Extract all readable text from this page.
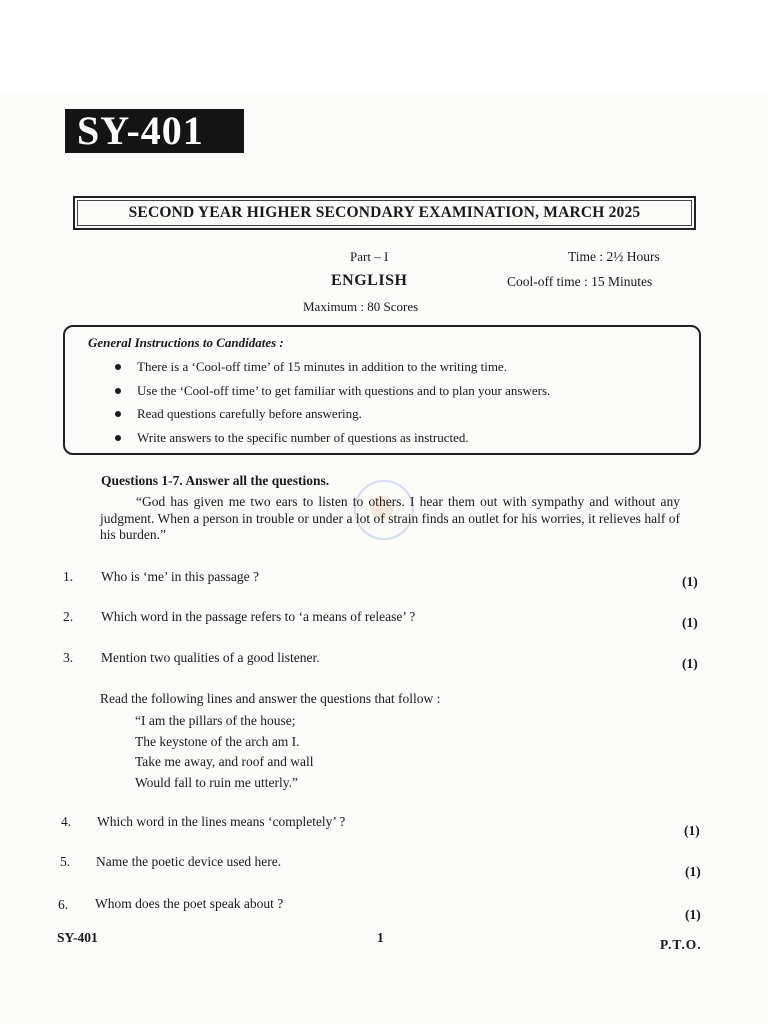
SY-401
SECOND YEAR HIGHER SECONDARY EXAMINATION, MARCH 2025
Part – I
ENGLISH
Maximum : 80 Scores
Time : 2½ Hours
Cool-off time : 15 Minutes
General Instructions to Candidates :
There is a ‘Cool-off time’ of 15 minutes in addition to the writing time.
Use the ‘Cool-off time’ to get familiar with questions and to plan your answers.
Read questions carefully before answering.
Write answers to the specific number of questions as instructed.
Questions 1-7. Answer all the questions.
“God has given me two ears to listen to others. I hear them out with sympathy and without any judgment. When a person in trouble or under a lot of strain finds an outlet for his worries, it relieves half of his burden.”
1. Who is ‘me’ in this passage ?	(1)
2. Which word in the passage refers to ‘a means of release’ ?	(1)
3. Mention two qualities of a good listener.	(1)
Read the following lines and answer the questions that follow :
“I am the pillars of the house;
The keystone of the arch am I.
Take me away, and roof and wall
Would fall to ruin me utterly.”
4. Which word in the lines means ‘completely’ ?
(1)
5. Name the poetic device used here.
(1)
6. Whom does the poet speak about ?
(1)
SY-401	1	P.T.O.
